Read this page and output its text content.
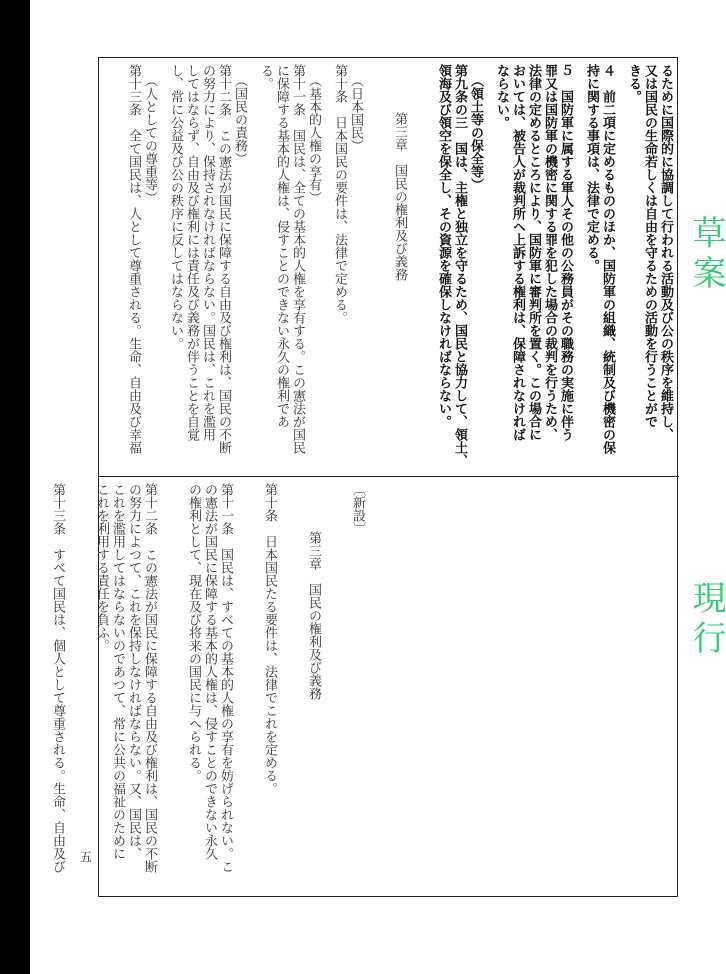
るために国際的に協調して行われる活動及び公の秩序を維持し、
又は国民の生命若しくは自由を守るための活動を行うことがで
きる。
４　前二項に定めるもののほか、国防軍の組織、統制及び機密の保
持に関する事項は、法律で定める。
５　国防軍に属する軍人その他の公務員がその職務の実施に伴う
罪又は国防軍の機密に関する罪を犯した場合の裁判を行うため、
法律の定めるところにより、国防軍に審判所を置く。この場合に
おいては、被告人が裁判所へ上訴する権利は、保障されなければ
ならない。
（領土等の保全等）
第九条の三　国は、主権と独立を守るため、国民と協力して、領土、
領海及び領空を保全し、その資源を確保しなければならない。
第三章　国民の権利及び義務
（日本国民）
第十条　日本国民の要件は、法律で定める。
（基本的人権の享有）
第十一条　国民は、全ての基本的人権を享有する。この憲法が国民
に保障する基本的人権は、侵すことのできない永久の権利であ
る。
（国民の責務）
第十二条　この憲法が国民に保障する自由及び権利は、国民の不断
の努力により、保持されなければならない。国民は、これを濫用
してはならず、自由及び権利には責任及び義務が伴うことを自覚
し、常に公益及び公の秩序に反してはならない。
（人としての尊重等）
第十三条　全て国民は、人として尊重される。生命、自由及び幸福
〔新設〕
第三章　国民の権利及び義務
第十条　日本国民たる要件は、法律でこれを定める。
第十一条　国民は、すべての基本的人権の享有を妨げられない。こ
の憲法が国民に保障する基本的人権は、侵すことのできない永久
の権利として、現在及び将来の国民に与へられる。
第十二条　この憲法が国民に保障する自由及び権利は、国民の不断
の努力によつて、これを保持しなければならない。又、国民は、
これを濫用してはならないのであつて、常に公共の福祉のために
これを利用する責任を負ふ。
第十三条　すべて国民は、個人として尊重される。生命、自由及び
草案
現行
五
